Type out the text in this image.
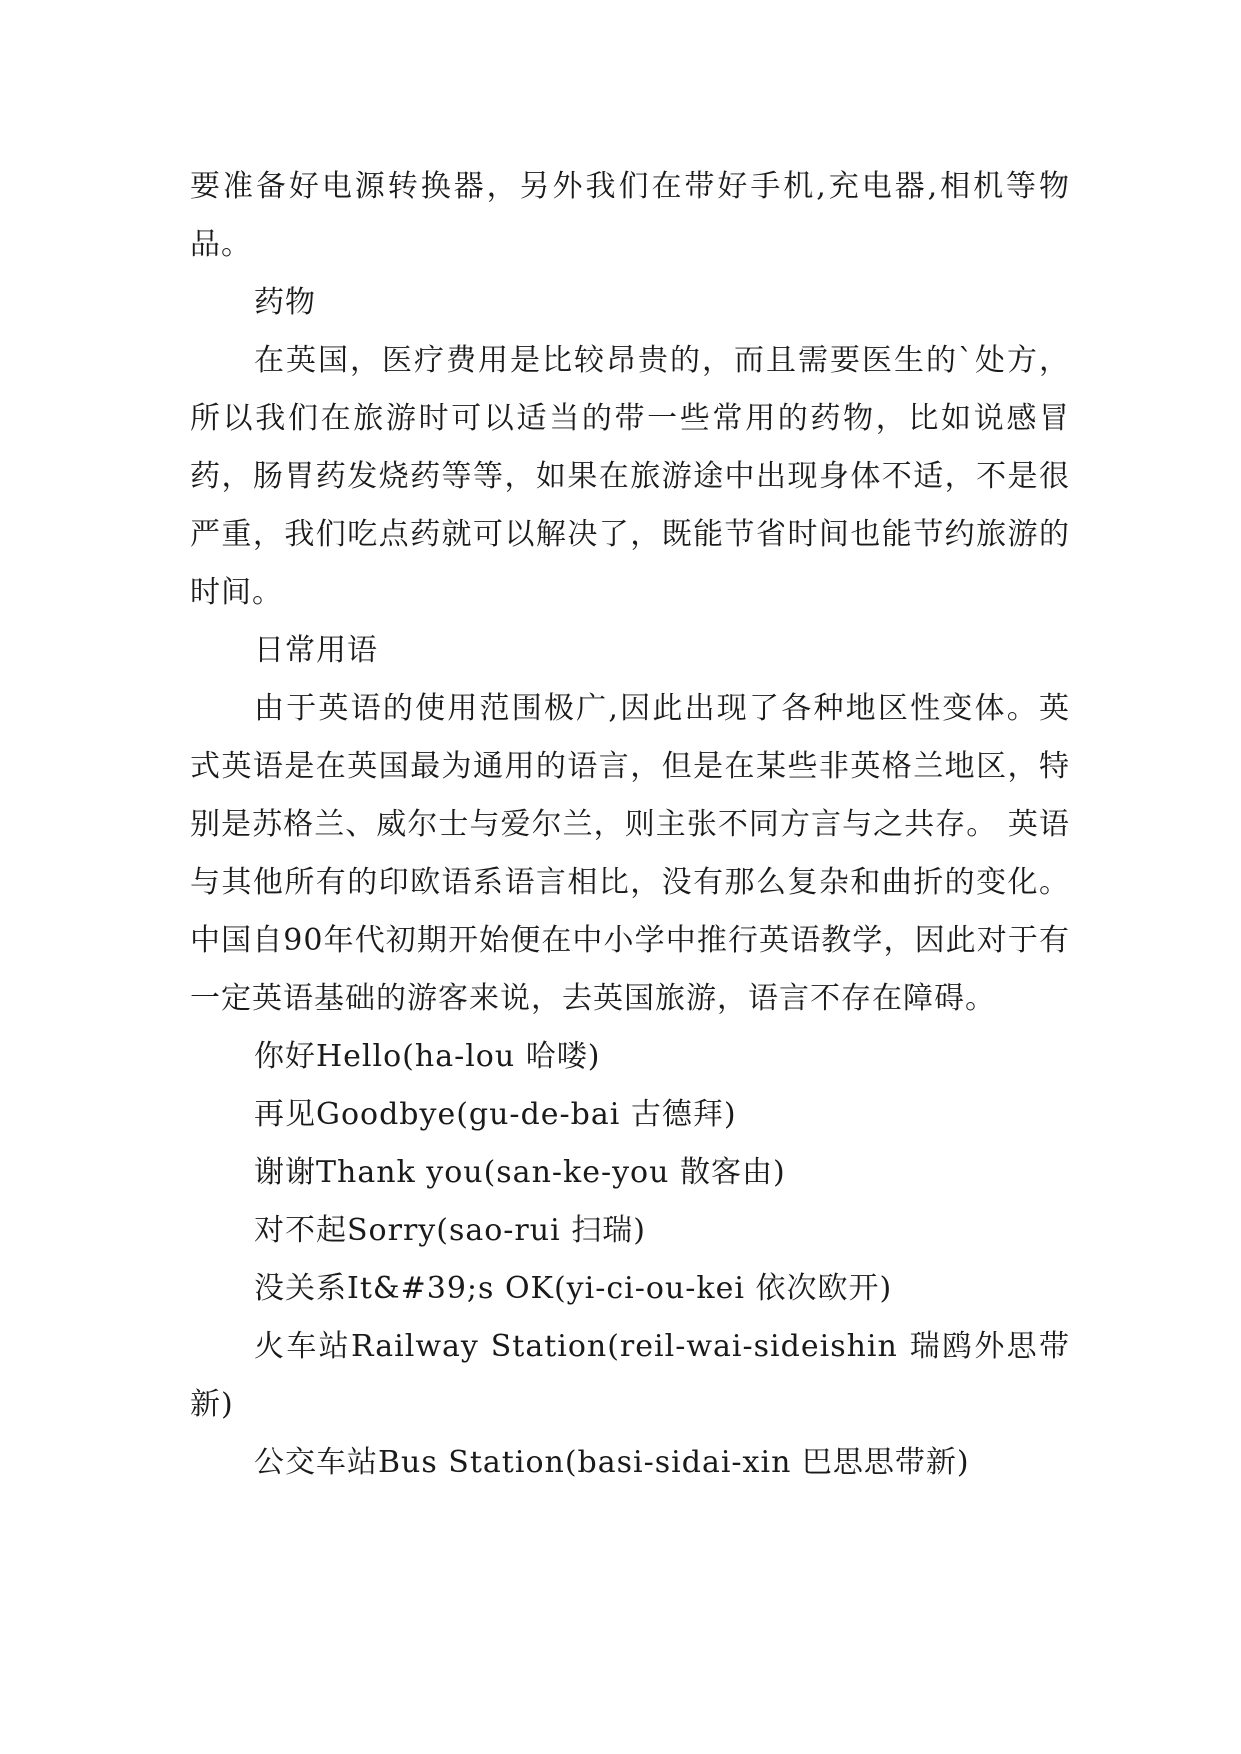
要准备好电源转换器，另外我们在带好手机,充电器,相机等物品。

药物

在英国，医疗费用是比较昂贵的，而且需要医生的`处方，所以我们在旅游时可以适当的带一些常用的药物，比如说感冒药，肠胃药发烧药等等，如果在旅游途中出现身体不适，不是很严重，我们吃点药就可以解决了，既能节省时间也能节约旅游的时间。

日常用语

由于英语的使用范围极广,因此出现了各种地区性变体。英式英语是在英国最为通用的语言，但是在某些非英格兰地区，特别是苏格兰、威尔士与爱尔兰，则主张不同方言与之共存。 英语与其他所有的印欧语系语言相比，没有那么复杂和曲折的变化。中国自90年代初期开始便在中小学中推行英语教学，因此对于有一定英语基础的游客来说，去英国旅游，语言不存在障碍。

你好Hello(ha-lou 哈喽)

再见Goodbye(gu-de-bai 古德拜)

谢谢Thank you(san-ke-you 散客由)

对不起Sorry(sao-rui 扫瑞)

没关系It&#39;s OK(yi-ci-ou-kei 依次欧开)

火车站Railway Station(reil-wai-sideishin 瑞鸥外思带新)

公交车站Bus Station(basi-sidai-xin 巴思思带新)
